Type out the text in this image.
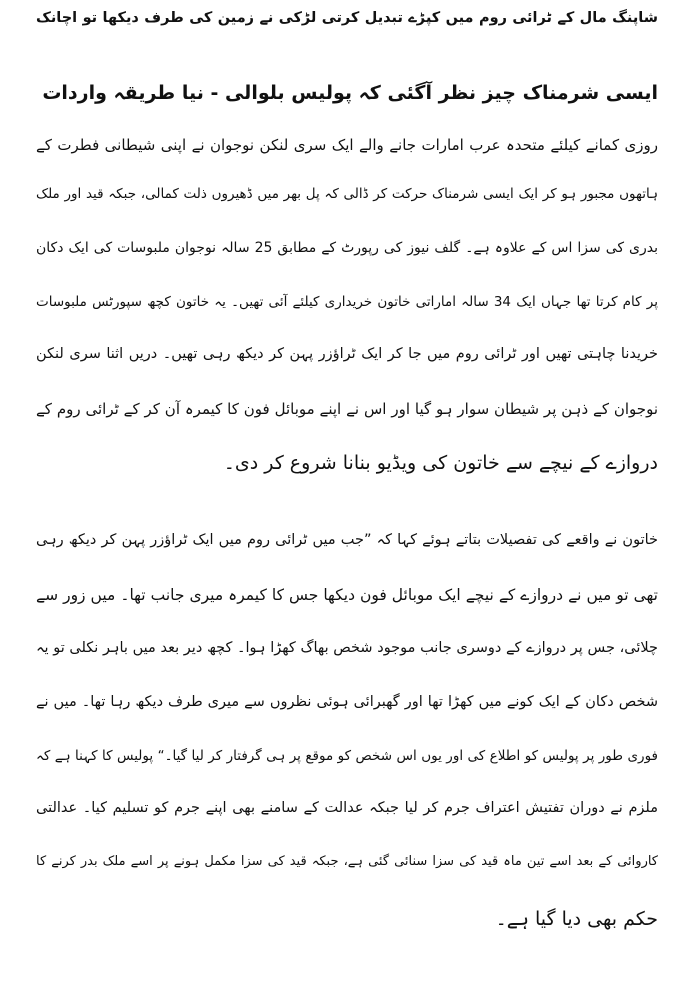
شاپنگ مال کے ٹرائی روم میں کپڑے تبدیل کرتی لڑکی نے زمین کی طرف دیکھا تو اچانک
ایسی شرمناک چیز نظر آگئی کہ پولیس بلوالی - نیا طریقہ واردات
روزی کمانے کیلئے متحدہ عرب امارات جانے والے ایک سری لنکن نوجوان نے اپنی شیطانی فطرت کے
ہاتھوں مجبور ہو کر ایک ایسی شرمناک حرکت کر ڈالی کہ پل بھر میں ڈھیروں ذلت کمالی، جبکہ قید اور ملک
بدری کی سزا اس کے علاوہ ہے۔ گلف نیوز کی رپورٹ کے مطابق 25 سالہ نوجوان ملبوسات کی ایک دکان
پر کام کرتا تھا جہاں ایک 34 سالہ اماراتی خاتون خریداری کیلئے آئی تھیں۔ یہ خاتون کچھ سپورٹس ملبوسات
خریدنا چاہتی تھیں اور ٹرائی روم میں جا کر ایک ٹراؤزر پہن کر دیکھ رہی تھیں۔ دریں اثنا سری لنکن
نوجوان کے ذہن پر شیطان سوار ہو گیا اور اس نے اپنے موبائل فون کا کیمرہ آن کر کے ٹرائی روم کے
دروازے کے نیچے سے خاتون کی ویڈیو بنانا شروع کر دی۔
خاتون نے واقعے کی تفصیلات بتاتے ہوئے کہا کہ ”جب میں ٹرائی روم میں ایک ٹراؤزر پہن کر دیکھ رہی
تھی تو میں نے دروازے کے نیچے ایک موبائل فون دیکھا جس کا کیمرہ میری جانب تھا۔ میں زور سے
چلائی، جس پر دروازے کے دوسری جانب موجود شخص بھاگ کھڑا ہوا۔ کچھ دیر بعد میں باہر نکلی تو یہ
شخص دکان کے ایک کونے میں کھڑا تھا اور گھبرائی ہوئی نظروں سے میری طرف دیکھ رہا تھا۔ میں نے
فوری طور پر پولیس کو اطلاع کی اور یوں اس شخص کو موقع پر ہی گرفتار کر لیا گیا۔“ پولیس کا کہنا ہے کہ
ملزم نے دوران تفتیش اعتراف جرم کر لیا جبکہ عدالت کے سامنے بھی اپنے جرم کو تسلیم کیا۔ عدالتی
کاروائی کے بعد اسے تین ماہ قید کی سزا سنائی گئی ہے، جبکہ قید کی سزا مکمل ہونے پر اسے ملک بدر کرنے کا
حکم بھی دیا گیا ہے۔
